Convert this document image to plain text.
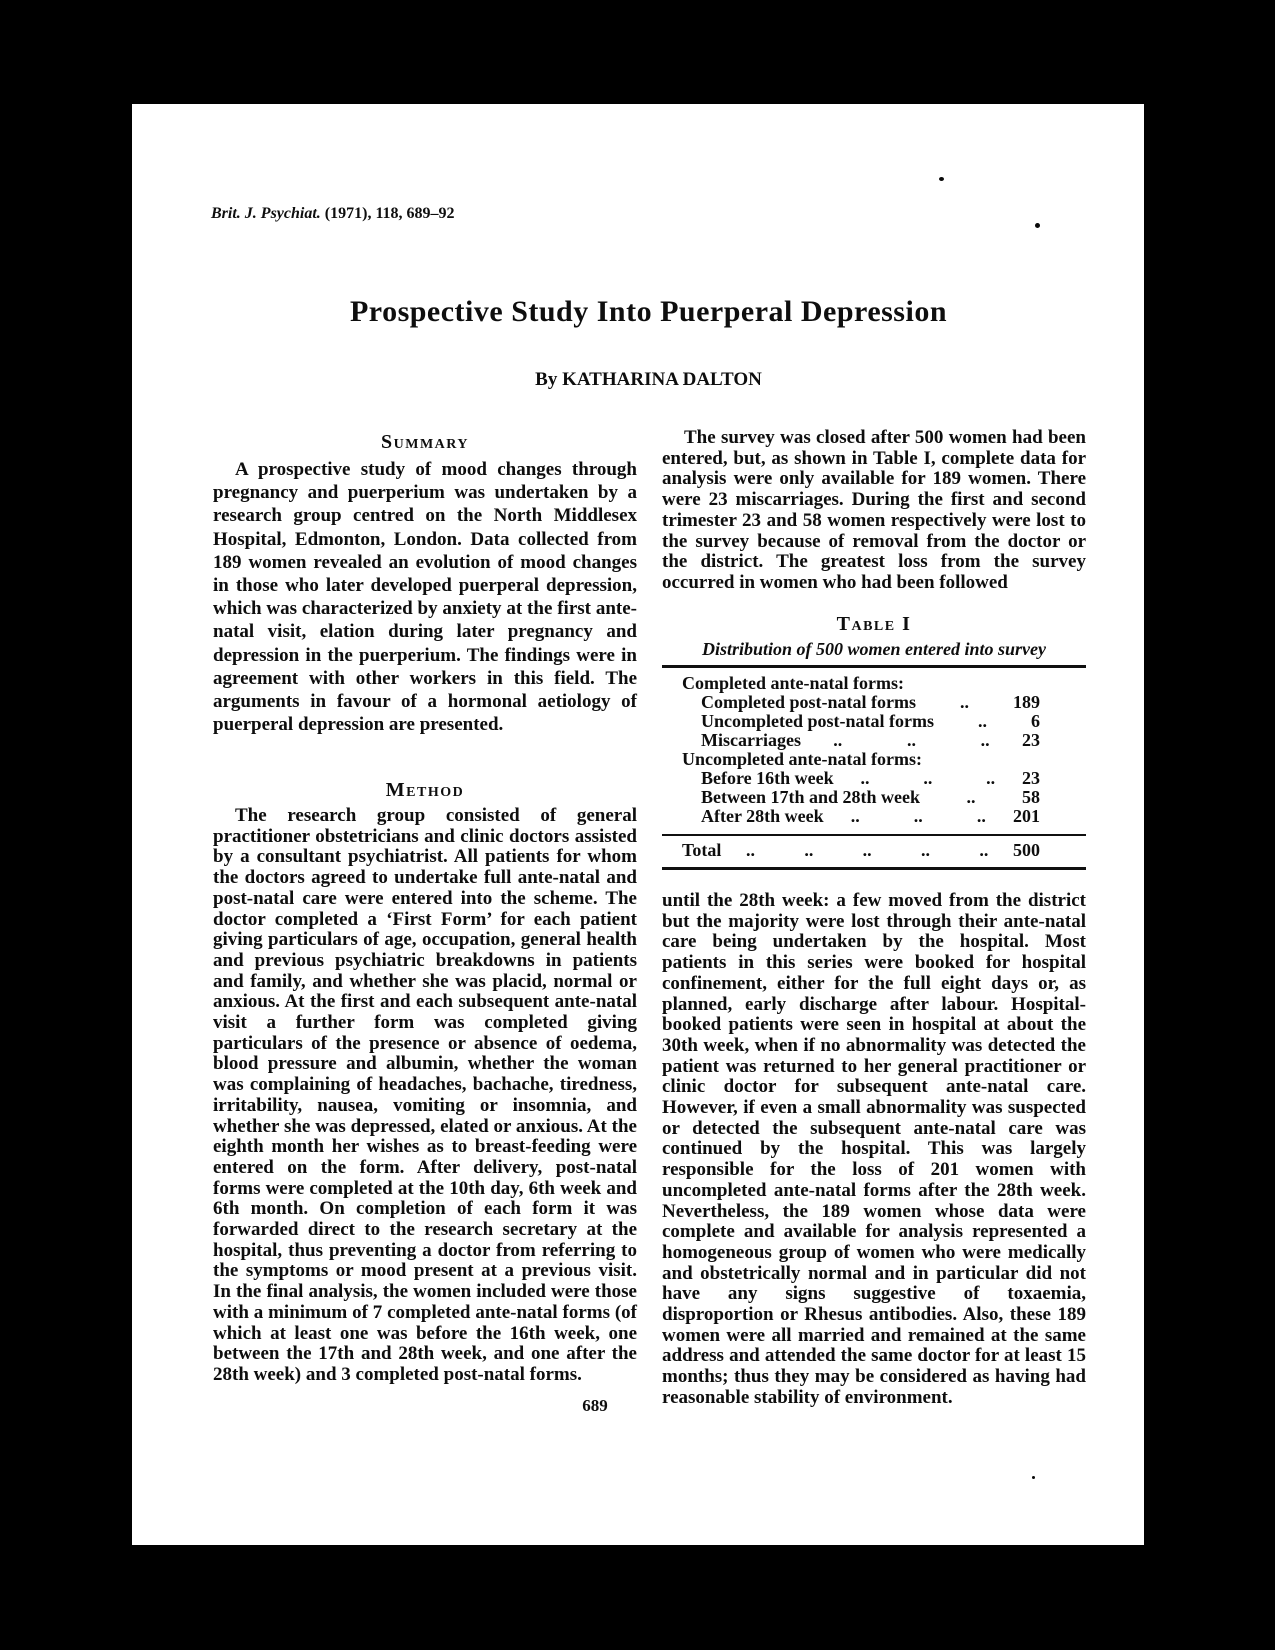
Brit. J. Psychiat. (1971), 118, 689–92
Prospective Study Into Puerperal Depression
By KATHARINA DALTON
Summary
A prospective study of mood changes through pregnancy and puerperium was undertaken by a research group centred on the North Middlesex Hospital, Edmonton, London. Data collected from 189 women revealed an evolution of mood changes in those who later developed puerperal depression, which was characterized by anxiety at the first ante-natal visit, elation during later pregnancy and depression in the puerperium. The findings were in agreement with other workers in this field. The arguments in favour of a hormonal aetiology of puerperal depression are presented.
Method
The research group consisted of general practitioner obstetricians and clinic doctors assisted by a consultant psychiatrist. All patients for whom the doctors agreed to undertake full ante-natal and post-natal care were entered into the scheme. The doctor completed a ‘First Form’ for each patient giving particulars of age, occupation, general health and previous psychiatric breakdowns in patients and family, and whether she was placid, normal or anxious. At the first and each subsequent ante-natal visit a further form was completed giving particulars of the presence or absence of oedema, blood pressure and albumin, whether the woman was complaining of headaches, bachache, tiredness, irritability, nausea, vomiting or insomnia, and whether she was depressed, elated or anxious. At the eighth month her wishes as to breast-feeding were entered on the form. After delivery, post-natal forms were completed at the 10th day, 6th week and 6th month. On completion of each form it was forwarded direct to the research secretary at the hospital, thus preventing a doctor from referring to the symptoms or mood present at a previous visit. In the final analysis, the women included were those with a minimum of 7 completed ante-natal forms (of which at least one was before the 16th week, one between the 17th and 28th week, and one after the 28th week) and 3 completed post-natal forms.
The survey was closed after 500 women had been entered, but, as shown in Table I, complete data for analysis were only available for 189 women. There were 23 miscarriages. During the first and second trimester 23 and 58 women respectively were lost to the survey because of removal from the doctor or the district. The greatest loss from the survey occurred in women who had been followed
Table I
Distribution of 500 women entered into survey
Completed ante-natal forms:
Completed post-natal forms .. 189
Uncompleted post-natal forms .. 6
Miscarriages ..	..	.. 23
Uncompleted ante-natal forms:
Before 16th week ..	..	.. 23
Between 17th and 28th week	..	58
After 28th week ..	..	.. 201
Total ..	..	..	..	.. 500
until the 28th week: a few moved from the district but the majority were lost through their ante-natal care being undertaken by the hospital. Most patients in this series were booked for hospital confinement, either for the full eight days or, as planned, early discharge after labour. Hospital-booked patients were seen in hospital at about the 30th week, when if no abnormality was detected the patient was returned to her general practitioner or clinic doctor for subsequent ante-natal care. However, if even a small abnormality was suspected or detected the subsequent ante-natal care was continued by the hospital. This was largely responsible for the loss of 201 women with uncompleted ante-natal forms after the 28th week. Nevertheless, the 189 women whose data were complete and available for analysis represented a homogeneous group of women who were medically and obstetrically normal and in particular did not have any signs suggestive of toxaemia, disproportion or Rhesus antibodies. Also, these 189 women were all married and remained at the same address and attended the same doctor for at least 15 months; thus they may be considered as having had reasonable stability of environment.
689
